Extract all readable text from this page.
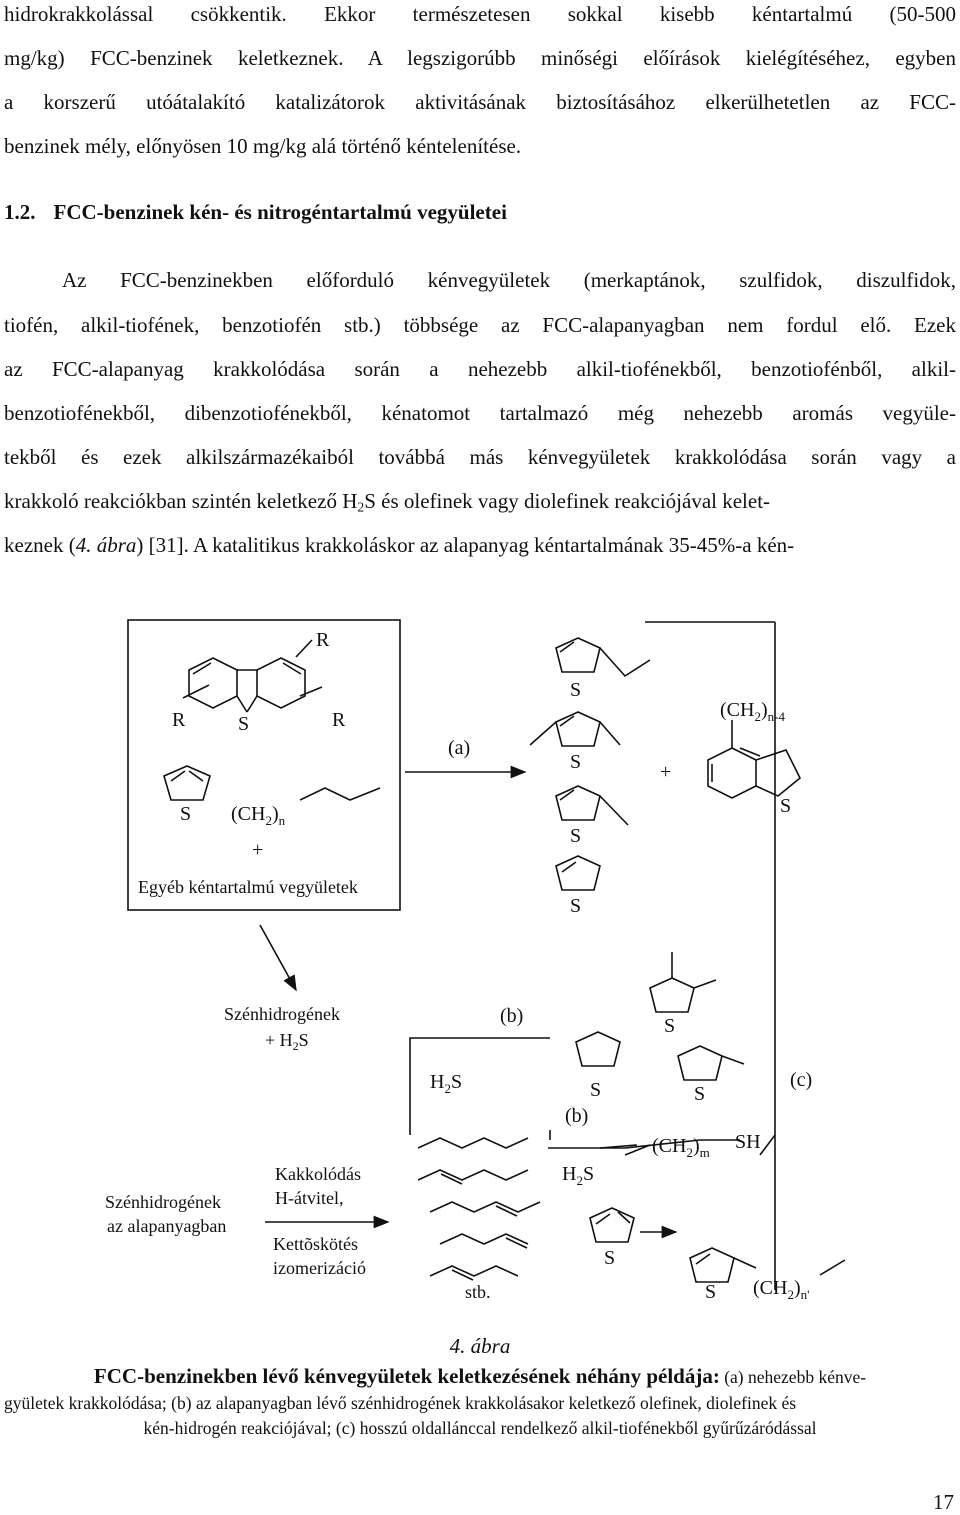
hidrokrakkolással csökkentik. Ekkor természetesen sokkal kisebb kéntartalmú (50-500
mg/kg) FCC-benzinek keletkeznek. A legszigorúbb minőségi előírások kielégítéséhez, egyben
a korszerű utóátalakító katalizátorok aktivitásának biztosításához elkerülhetetlen az FCC-
benzinek mély, előnyösen 10 mg/kg alá történő kéntelenítése.
1.2. FCC-benzinek kén- és nitrogéntartalmú vegyületei
Az FCC-benzinekben előforduló kénvegyületek (merkaptánok, szulfidok, diszulfidok,
tiofén, alkil-tiofének, benzotiofén stb.) többsége az FCC-alapanyagban nem fordul elő. Ezek
az FCC-alapanyag krakkolódása során a nehezebb alkil-tiofénekből, benzotiofénből, alkil-
benzotiofénekből, dibenzotiofénekből, kénatomot tartalmazó még nehezebb aromás vegyüle-
tekből és ezek alkilszármazékaiból továbbá más kénvegyületek krakkolódása során vagy a
krakkoló reakciókban szintén keletkező $H_2S$ és olefinek vagy diolefinek reakciójával kelet-
keznek (4. ábra) [31]. A katalitikus krakkoláskor az alapanyag kéntartalmának 35-45%-a kén-
R
R	R
S
S $(CH_2)_n$
+
Egyéb kéntartalmú vegyületek
(a)
S
S
S
S
+
$(CH_2)_{n-4}$
S
Szénhidrogének
+ $H_2S$
(b)
$H_2S$	S
S
S
(c)
(b)
$(CH_2)_m$ SH
$H_2S$
Szénhidrogének
az alapanyagban
Kakkolódás
H-átvitel,
Kettõskötés
izomerizáció	S
stb.	S $(CH_2)_{n'}$
4. ábra
FCC-benzinekben lévő kénvegyületek keletkezésének néhány példája: (a) nehezebb kénve-
gyületek krakkolódása; (b) az alapanyagban lévő szénhidrogének krakkolásakor keletkező olefinek, diolefinek és
kén-hidrogén reakciójával; (c) hosszú oldallánccal rendelkező alkil-tiofénekből gyűrűzáródással
17
